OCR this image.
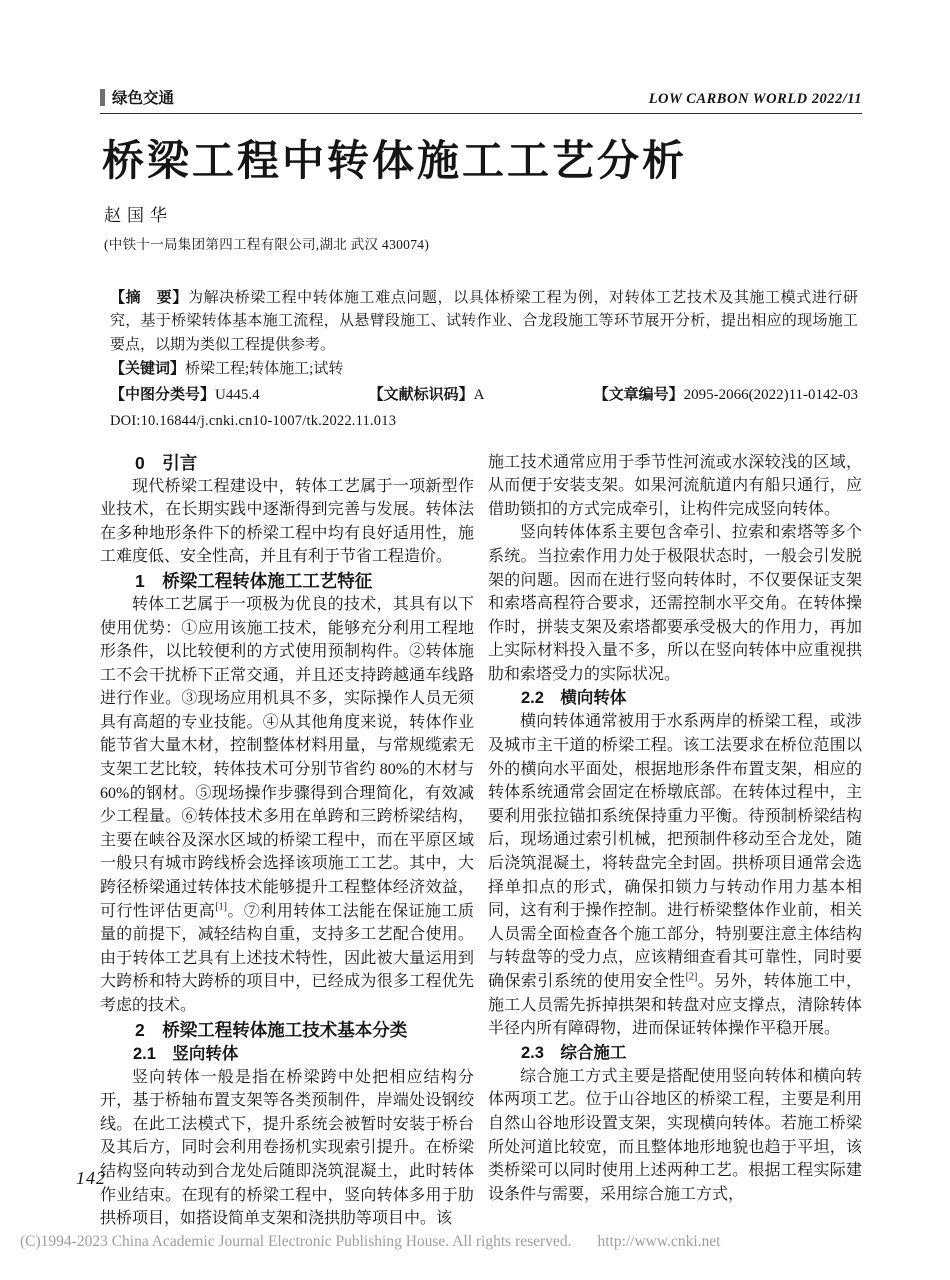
绿色交通	LOW CARBON WORLD 2022/11
桥梁工程中转体施工工艺分析
赵国华
(中铁十一局集团第四工程有限公司,湖北 武汉 430074)

【摘　要】为解决桥梁工程中转体施工难点问题，以具体桥梁工程为例，对转体工艺技术及其施工模式进行研究，基于桥梁转体基本施工流程，从悬臂段施工、试转作业、合龙段施工等环节展开分析，提出相应的现场施工要点，以期为类似工程提供参考。

【关键词】桥梁工程;转体施工;试转

【中图分类号】U445.4	【文献标识码】A	【文章编号】2095-2066(2022)11-0142-03

DOI:10.16844/j.cnki.cn10-1007/tk.2022.11.013

0　引言

现代桥梁工程建设中，转体工艺属于一项新型作业技术，在长期实践中逐渐得到完善与发展。转体法在多种地形条件下的桥梁工程中均有良好适用性，施工难度低、安全性高，并且有利于节省工程造价。

1　桥梁工程转体施工工艺特征

转体工艺属于一项极为优良的技术，其具有以下使用优势：①应用该施工技术，能够充分利用工程地形条件，以比较便利的方式使用预制构件。②转体施工不会干扰桥下正常交通，并且还支持跨越通车线路进行作业。③现场应用机具不多，实际操作人员无须具有高超的专业技能。④从其他角度来说，转体作业能节省大量木材，控制整体材料用量，与常规缆索无支架工艺比较，转体技术可分别节省约 80%的木材与 60%的钢材。⑤现场操作步骤得到合理简化，有效减少工程量。⑥转体技术多用在单跨和三跨桥梁结构，主要在峡谷及深水区域的桥梁工程中，而在平原区域一般只有城市跨线桥会选择该项施工工艺。其中，大跨径桥梁通过转体技术能够提升工程整体经济效益，可行性评估更高[1]。⑦利用转体工法能在保证施工质量的前提下，减轻结构自重，支持多工艺配合使用。由于转体工艺具有上述技术特性，因此被大量运用到大跨桥和特大跨桥的项目中，已经成为很多工程优先考虑的技术。

2　桥梁工程转体施工技术基本分类

2.1　竖向转体

竖向转体一般是指在桥梁跨中处把相应结构分开，基于桥轴布置支架等各类预制件，岸端处设钢绞线。在此工法模式下，提升系统会被暂时安装于桥台及其后方，同时会利用卷扬机实现索引提升。在桥梁结构竖向转动到合龙处后随即浇筑混凝土，此时转体作业结束。在现有的桥梁工程中，竖向转体多用于肋拱桥项目，如搭设简单支架和浇拱肋等项目中。该

施工技术通常应用于季节性河流或水深较浅的区域，从而便于安装支架。如果河流航道内有船只通行，应借助锁扣的方式完成牵引，让构件完成竖向转体。

竖向转体体系主要包含牵引、拉索和索塔等多个系统。当拉索作用力处于极限状态时，一般会引发脱架的问题。因而在进行竖向转体时，不仅要保证支架和索塔高程符合要求，还需控制水平交角。在转体操作时，拼装支架及索塔都要承受极大的作用力，再加上实际材料投入量不多，所以在竖向转体中应重视拱肋和索塔受力的实际状况。

2.2　横向转体

横向转体通常被用于水系两岸的桥梁工程，或涉及城市主干道的桥梁工程。该工法要求在桥位范围以外的横向水平面处，根据地形条件布置支架，相应的转体系统通常会固定在桥墩底部。在转体过程中，主要利用张拉锚扣系统保持重力平衡。待预制桥梁结构后，现场通过索引机械，把预制件移动至合龙处，随后浇筑混凝土，将转盘完全封固。拱桥项目通常会选择单扣点的形式，确保扣锁力与转动作用力基本相同，这有利于操作控制。进行桥梁整体作业前，相关人员需全面检查各个施工部分，特别要注意主体结构与转盘等的受力点，应该精细查看其可靠性，同时要确保索引系统的使用安全性[2]。另外，转体施工中，施工人员需先拆掉拱架和转盘对应支撑点，清除转体半径内所有障碍物，进而保证转体操作平稳开展。

2.3　综合施工

综合施工方式主要是搭配使用竖向转体和横向转体两项工艺。位于山谷地区的桥梁工程，主要是利用自然山谷地形设置支架，实现横向转体。若施工桥梁所处河道比较宽，而且整体地形地貌也趋于平坦，该类桥梁可以同时使用上述两种工艺。根据工程实际建设条件与需要，采用综合施工方式，

142
(C)1994-2023 China Academic Journal Electronic Publishing House. All rights reserved. http://www.cnki.net
